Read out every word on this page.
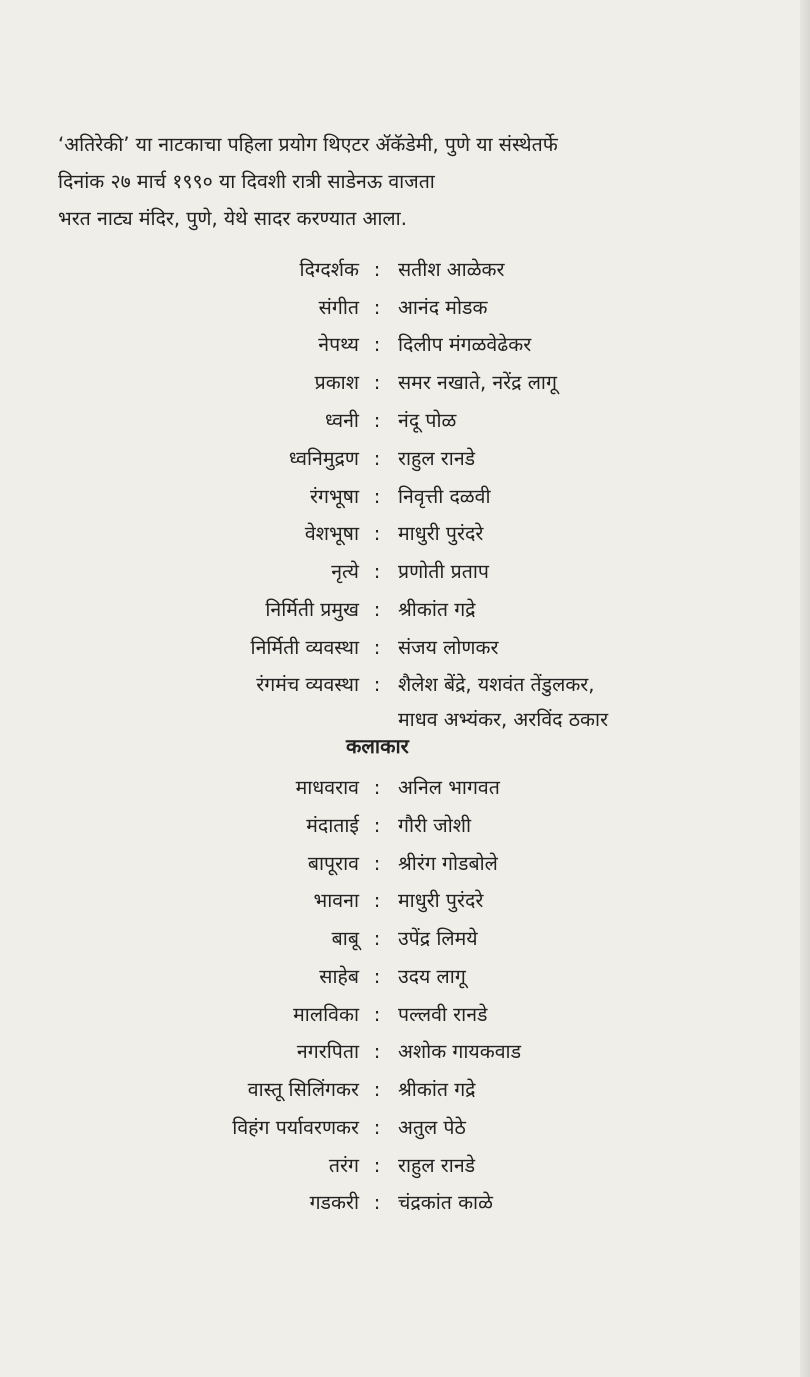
‘अतिरेकी’ या नाटकाचा पहिला प्रयोग थिएटर ॲकॅडेमी, पुणे या संस्थेतर्फे
दिनांक २७ मार्च १९९० या दिवशी रात्री साडेनऊ वाजता
भरत नाट्य मंदिर, पुणे, येथे सादर करण्यात आला.
दिग्दर्शक : सतीश आळेकर
संगीत : आनंद मोडक
नेपथ्य : दिलीप मंगळवेढेकर
प्रकाश : समर नखाते, नरेंद्र लागू
ध्वनी : नंदू पोळ
ध्वनिमुद्रण : राहुल रानडे
रंगभूषा : निवृत्ती दळवी
वेशभूषा : माधुरी पुरंदरे
नृत्ये : प्रणोती प्रताप
निर्मिती प्रमुख : श्रीकांत गद्रे
निर्मिती व्यवस्था : संजय लोणकर
रंगमंच व्यवस्था : शैलेश बेंद्रे, यशवंत तेंडुलकर,
माधव अभ्यंकर, अरविंद ठकार
कलाकार
माधवराव : अनिल भागवत
मंदाताई : गौरी जोशी
बापूराव : श्रीरंग गोडबोले
भावना : माधुरी पुरंदरे
बाबू : उपेंद्र लिमये
साहेब : उदय लागू
मालविका : पल्लवी रानडे
नगरपिता : अशोक गायकवाड
वास्तू सिलिंगकर : श्रीकांत गद्रे
विहंग पर्यावरणकर : अतुल पेठे
तरंग : राहुल रानडे
गडकरी : चंद्रकांत काळे
